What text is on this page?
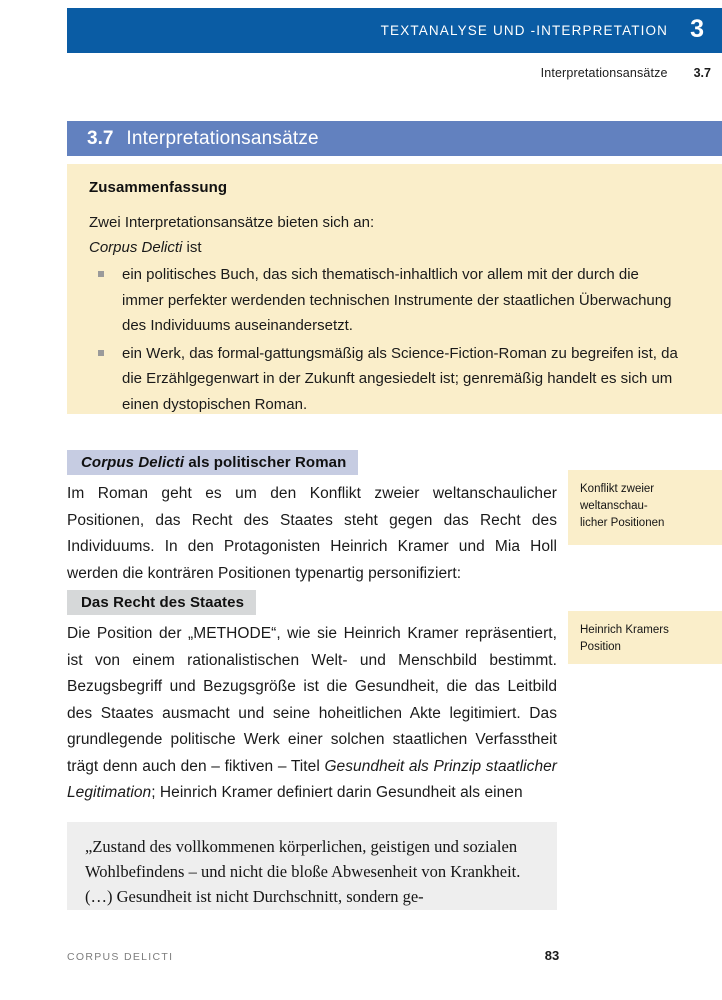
TEXTANALYSE UND -INTERPRETATION 3
Interpretationsansätze 3.7
3.7 Interpretationsansätze
Zusammenfassung

Zwei Interpretationsansätze bieten sich an:
Corpus Delicti ist

ein politisches Buch, das sich thematisch-inhaltlich vor allem mit der durch die immer perfekter werdenden technischen Instrumente der staatlichen Überwachung des Individuums auseinandersetzt.
ein Werk, das formal-gattungsmäßig als Science-Fiction-Roman zu begreifen ist, da die Erzählgegenwart in der Zukunft angesiedelt ist; genremäßig handelt es sich um einen dystopischen Roman.
Corpus Delicti als politischer Roman

Im Roman geht es um den Konflikt zweier weltanschaulicher Positionen, das Recht des Staates steht gegen das Recht des Individuums. In den Protagonisten Heinrich Kramer und Mia Holl werden die konträren Positionen typenartig personifiziert:

Konflikt zweier
weltanschau-
licher Positionen
Das Recht des Staates

Die Position der „METHODE“, wie sie Heinrich Kramer repräsentiert, ist von einem rationalistischen Welt- und Menschbild bestimmt. Bezugsbegriff und Bezugsgröße ist die Gesundheit, die das Leitbild des Staates ausmacht und seine hoheitlichen Akte legitimiert. Das grundlegende politische Werk einer solchen staatlichen Verfasstheit trägt denn auch den – fiktiven – Titel Gesundheit als Prinzip staatlicher Legitimation; Heinrich Kramer definiert darin Gesundheit als einen

Heinrich Kramers
Position
„Zustand des vollkommenen körperlichen, geistigen und sozialen Wohlbefindens – und nicht die bloße Abwesenheit von Krankheit. (…) Gesundheit ist nicht Durchschnitt, sondern ge-
CORPUS DELICTI	83
